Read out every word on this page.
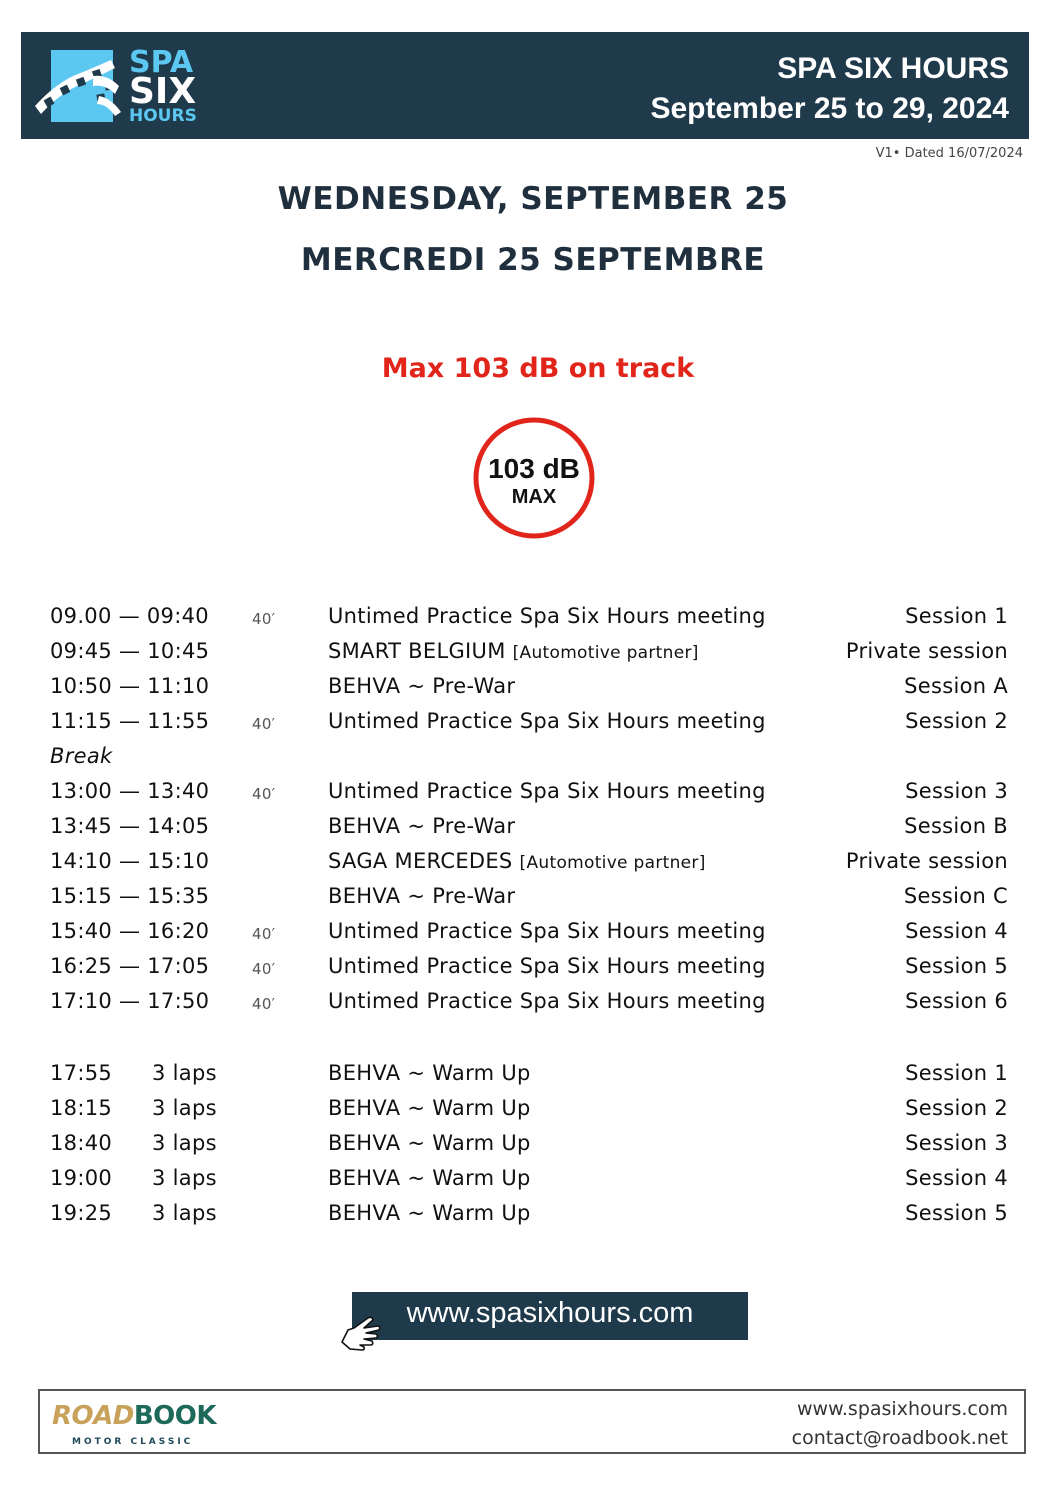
SPA
SIX
HOURS
SPA SIX HOURS
September 25 to 29, 2024
V1• Dated 16/07/2024
WEDNESDAY, SEPTEMBER 25
MERCREDI 25 SEPTEMBRE
Max 103 dB on track
103 dB
MAX
09.00 — 09:40	40′	Untimed Practice Spa Six Hours meeting	Session 1
09:45 — 10:45	SMART BELGIUM [Automotive partner]	Private session
10:50 — 11:10	BEHVA ~ Pre-War	Session A
11:15 — 11:55	40′	Untimed Practice Spa Six Hours meeting	Session 2
Break
13:00 — 13:40	40′	Untimed Practice Spa Six Hours meeting	Session 3
13:45 — 14:05	BEHVA ~ Pre-War	Session B
14:10 — 15:10	SAGA MERCEDES [Automotive partner]	Private session
15:15 — 15:35	BEHVA ~ Pre-War	Session C
15:40 — 16:20	40′	Untimed Practice Spa Six Hours meeting	Session 4
16:25 — 17:05	40′	Untimed Practice Spa Six Hours meeting	Session 5
17:10 — 17:50	40′	Untimed Practice Spa Six Hours meeting	Session 6
17:55 3 laps	BEHVA ~ Warm Up	Session 1
18:15 3 laps	BEHVA ~ Warm Up	Session 2
18:40 3 laps	BEHVA ~ Warm Up	Session 3
19:00 3 laps	BEHVA ~ Warm Up	Session 4
19:25 3 laps	BEHVA ~ Warm Up	Session 5
www.spasixhours.com
ROADBOOK
MOTOR CLASSIC
www.spasixhours.com
contact@roadbook.net
